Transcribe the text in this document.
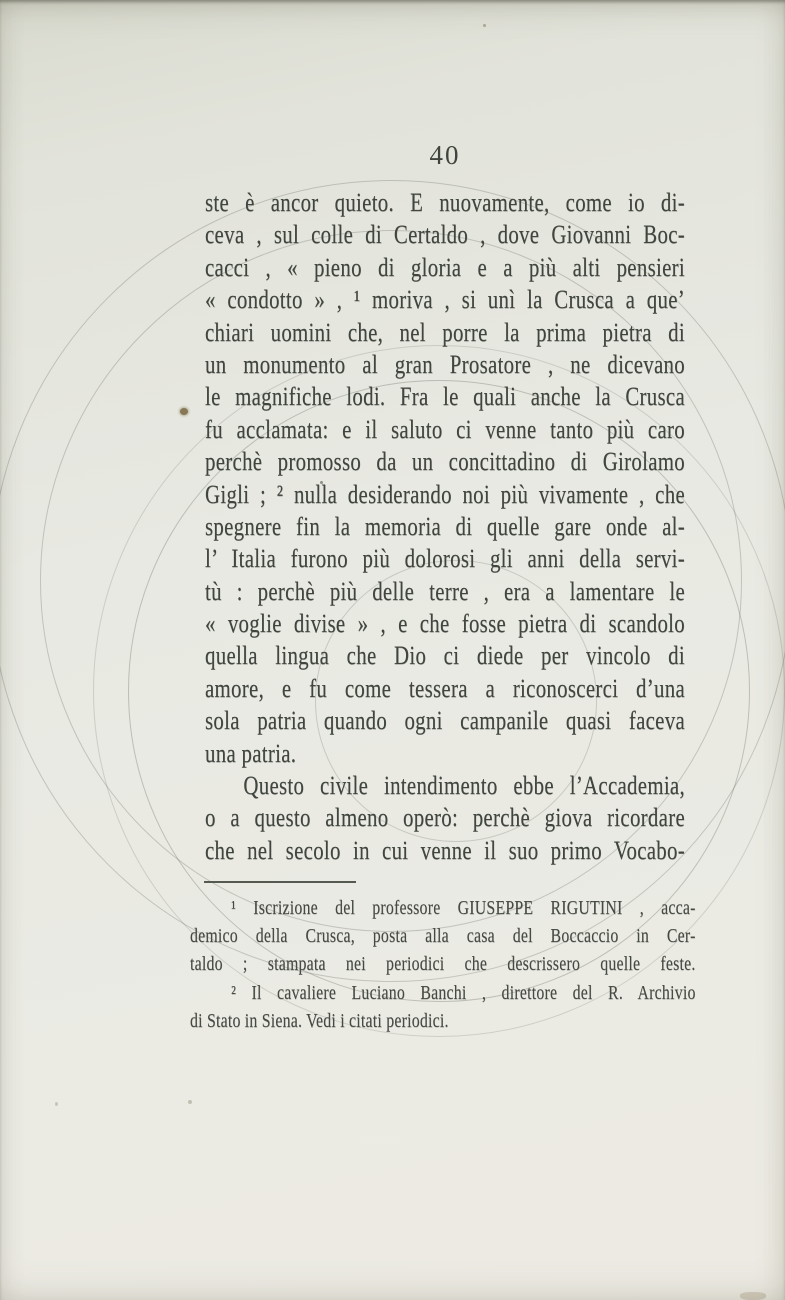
40
ste è ancor quieto. E nuovamente, come io di-
ceva , sul colle di Certaldo , dove Giovanni Boc-
cacci , « pieno di gloria e a più alti pensieri
« condotto » , ¹ moriva , si unì la Crusca a que’
chiari uomini che, nel porre la prima pietra di
un monumento al gran Prosatore , ne dicevano
le magnifiche lodi. Fra le quali anche la Crusca
fu acclamata: e il saluto ci venne tanto più caro
perchè promosso da un concittadino di Girolamo
Gigli ; ² nulla desiderando noi più vivamente , che
spegnere fin la memoria di quelle gare onde al-
l’ Italia furono più dolorosi gli anni della servi-
tù : perchè più delle terre , era a lamentare le
« voglie divise » , e che fosse pietra di scandolo
quella lingua che Dio ci diede per vincolo di
amore, e fu come tessera a riconoscerci d’una
sola patria quando ogni campanile quasi faceva
una patria.
Questo civile intendimento ebbe l’Accademia,
o a questo almeno operò: perchè giova ricordare
che nel secolo in cui venne il suo primo Vocabo-
¹ Iscrizione del professore GIUSEPPE RIGUTINI , acca-
demico della Crusca, posta alla casa del Boccaccio in Cer-
taldo ; stampata nei periodici che descrissero quelle feste.
² Il cavaliere Luciano Banchi , direttore del R. Archivio
di Stato in Siena. Vedi i citati periodici.
